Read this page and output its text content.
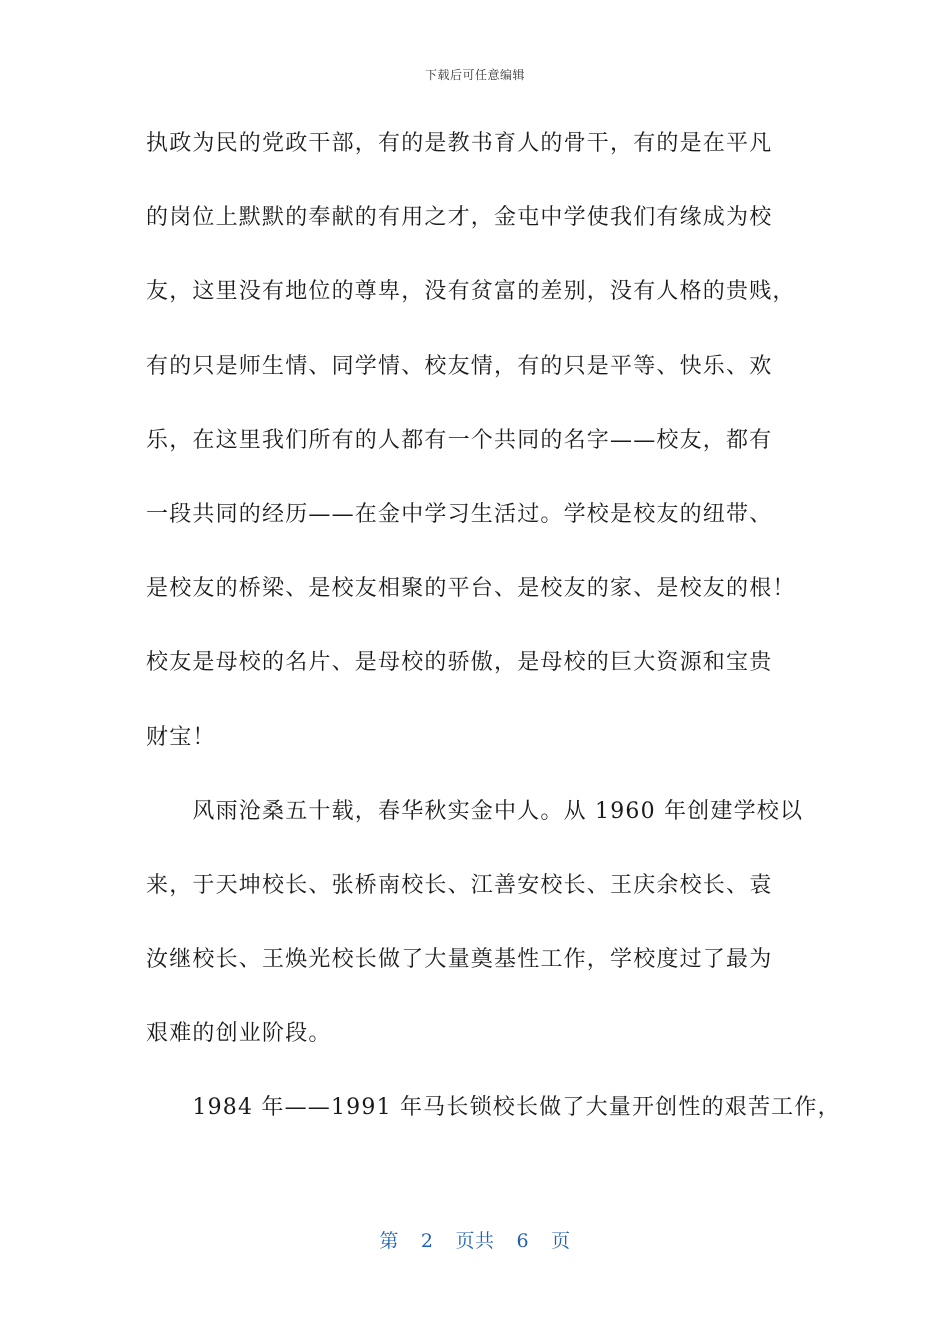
下载后可任意编辑
执政为民的党政干部，有的是教书育人的骨干，有的是在平凡
的岗位上默默的奉献的有用之才，金屯中学使我们有缘成为校
友，这里没有地位的尊卑，没有贫富的差别，没有人格的贵贱，
有的只是师生情、同学情、校友情，有的只是平等、快乐、欢
乐，在这里我们所有的人都有一个共同的名字——校友，都有
一段共同的经历——在金中学习生活过。学校是校友的纽带、
是校友的桥梁、是校友相聚的平台、是校友的家、是校友的根！
校友是母校的名片、是母校的骄傲，是母校的巨大资源和宝贵
财宝！
　　风雨沧桑五十载，春华秋实金中人。从 1960 年创建学校以
来，于天坤校长、张桥南校长、江善安校长、王庆余校长、袁
汝继校长、王焕光校长做了大量奠基性工作，学校度过了最为
艰难的创业阶段。
　　1984 年——1991 年马长锁校长做了大量开创性的艰苦工作，
第 2 页共 6 页
